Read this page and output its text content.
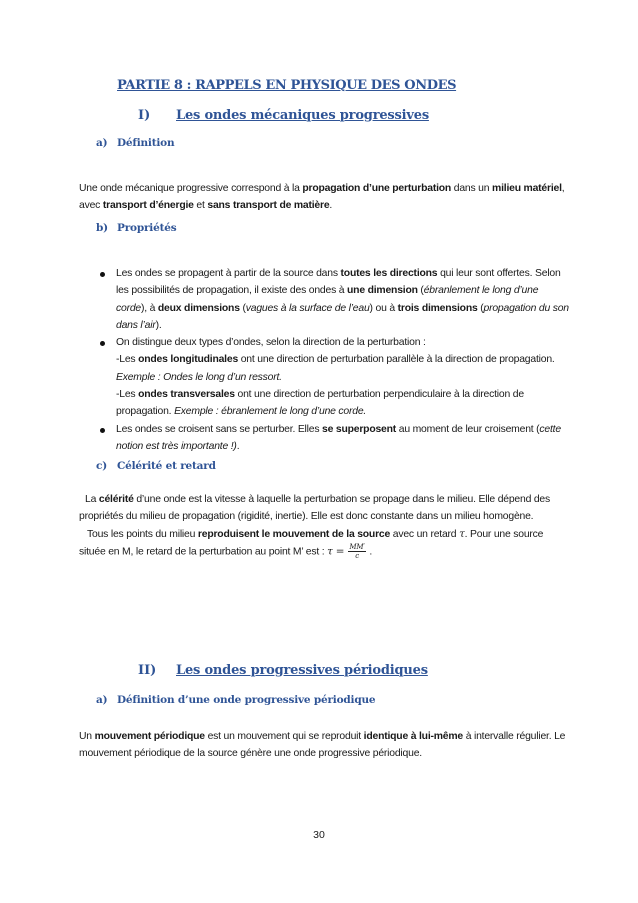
PARTIE 8 : RAPPELS EN PHYSIQUE DES ONDES
I) Les ondes mécaniques progressives
a) Définition
Une onde mécanique progressive correspond à la propagation d’une perturbation dans un milieu matériel, avec transport d’énergie et sans transport de matière.
b) Propriétés
Les ondes se propagent à partir de la source dans toutes les directions qui leur sont offertes. Selon les possibilités de propagation, il existe des ondes à une dimension (ébranlement le long d’une corde), à deux dimensions (vagues à la surface de l’eau) ou à trois dimensions (propagation du son dans l’air).
On distingue deux types d’ondes, selon la direction de la perturbation :
-Les ondes longitudinales ont une direction de perturbation parallèle à la direction de propagation. Exemple : Ondes le long d’un ressort.
-Les ondes transversales ont une direction de perturbation perpendiculaire à la direction de propagation. Exemple : ébranlement le long d’une corde.
Les ondes se croisent sans se perturber. Elles se superposent au moment de leur croisement (cette notion est très importante !).
c) Célérité et retard
La célérité d’une onde est la vitesse à laquelle la perturbation se propage dans le milieu. Elle dépend des propriétés du milieu de propagation (rigidité, inertie). Elle est donc constante dans un milieu homogène.
Tous les points du milieu reproduisent le mouvement de la source avec un retard τ. Pour une source située en M, le retard de la perturbation au point M’ est : $\tau = \frac{MM'}{c}$ .
II) Les ondes progressives périodiques
a) Définition d’une onde progressive périodique
Un mouvement périodique est un mouvement qui se reproduit identique à lui-même à intervalle régulier. Le mouvement périodique de la source génère une onde progressive périodique.
30
